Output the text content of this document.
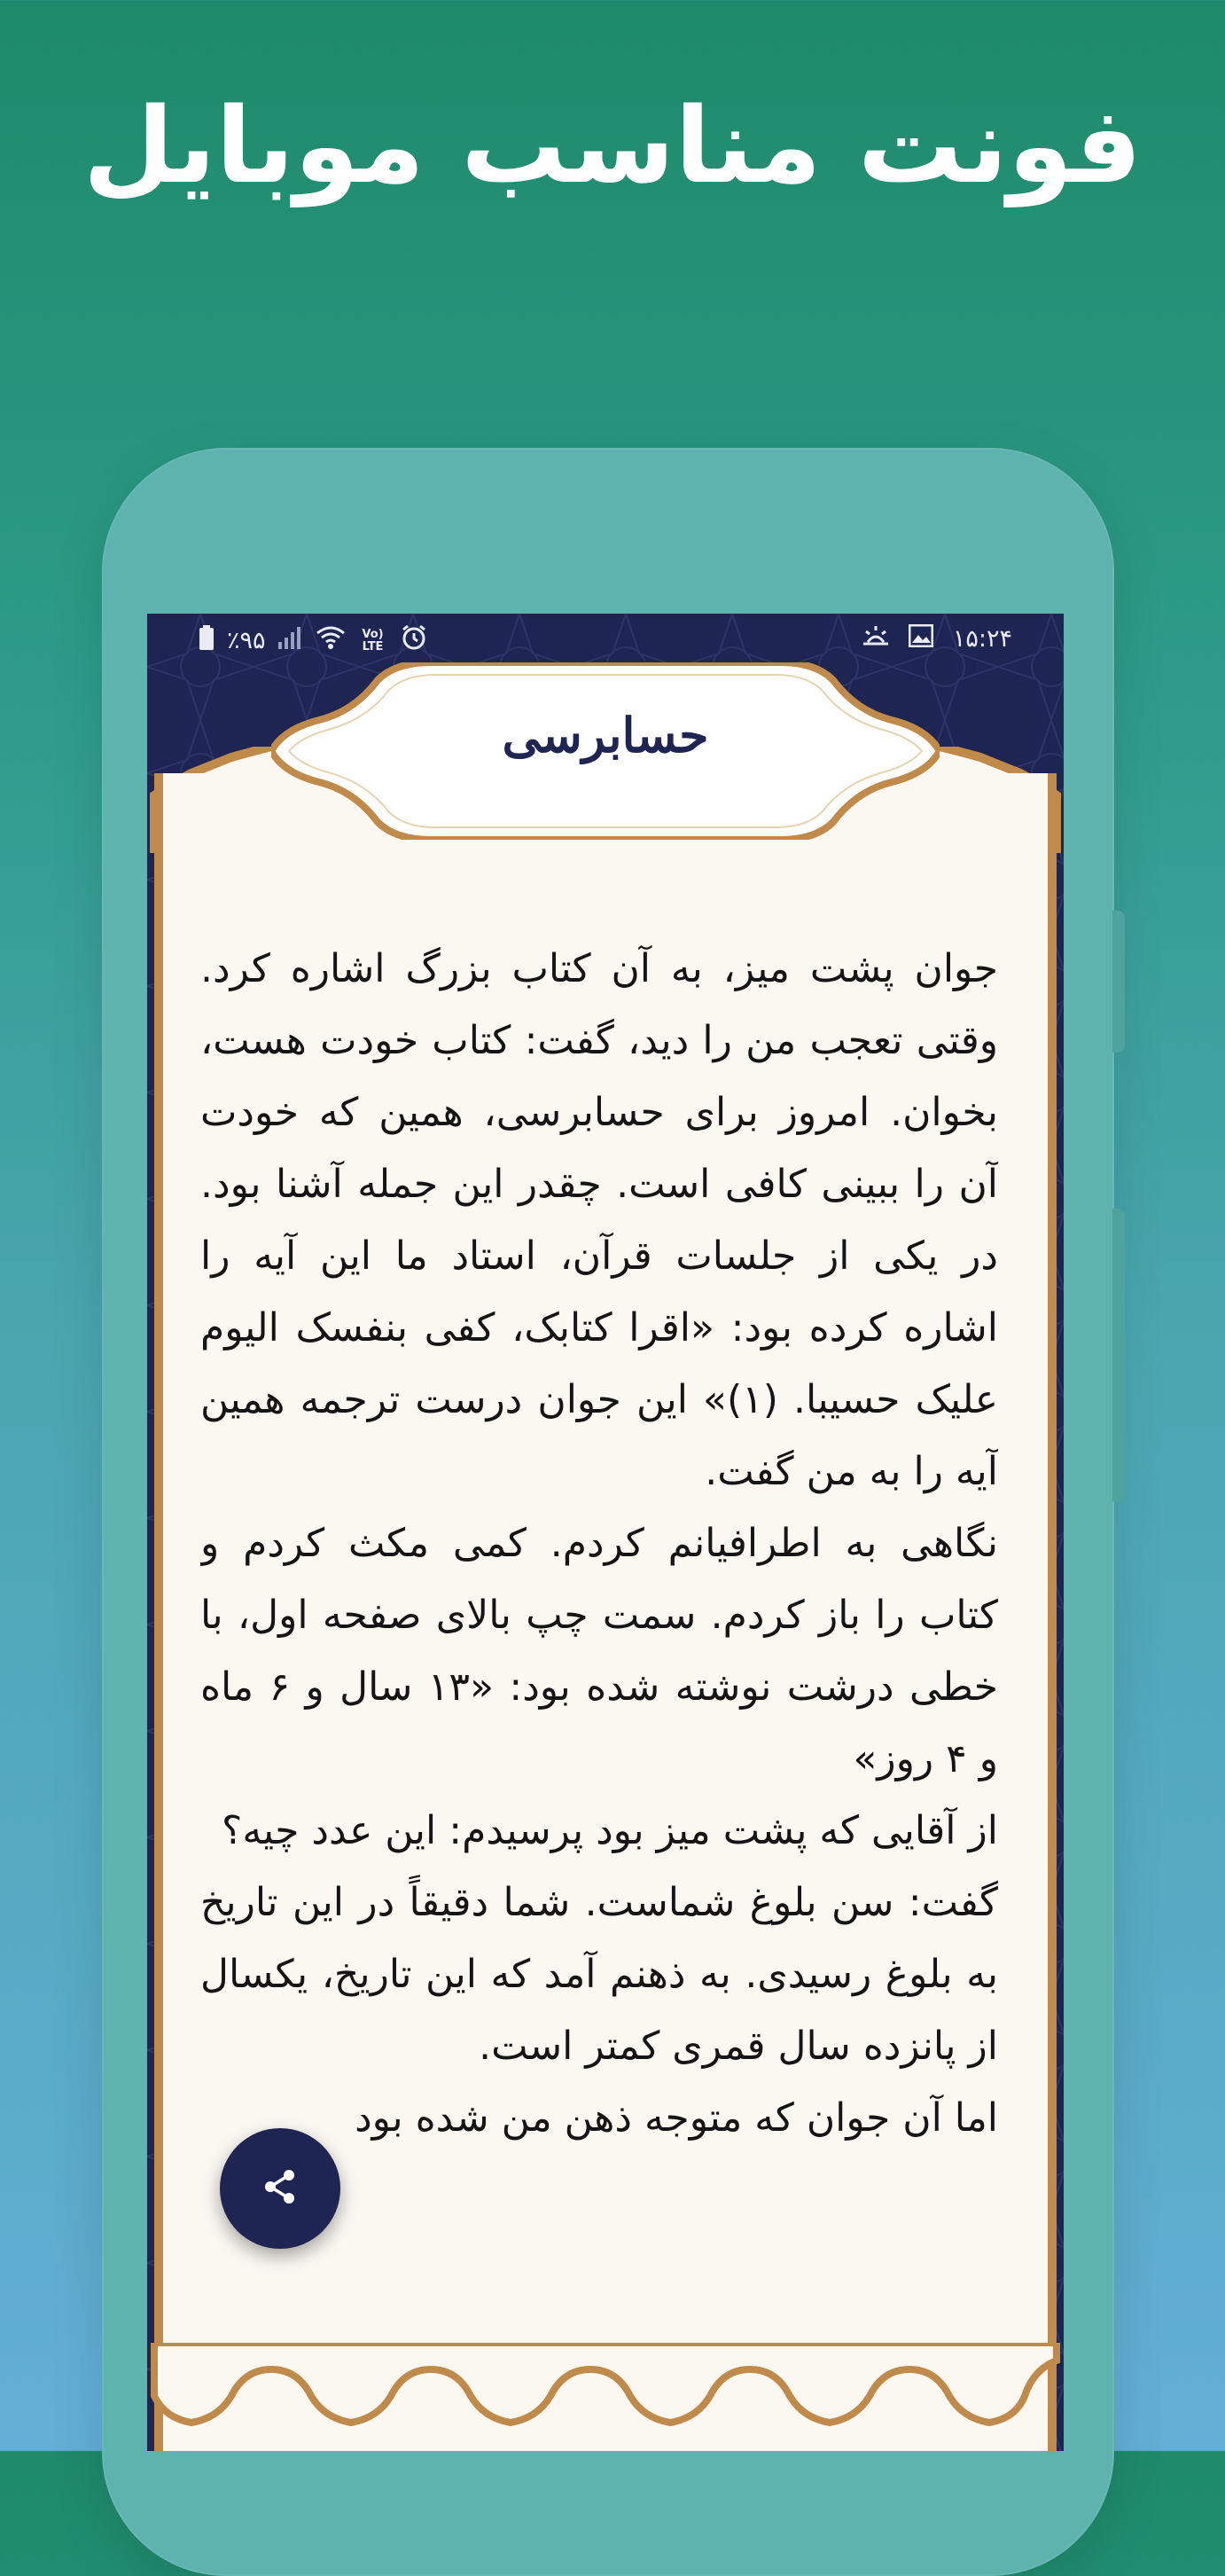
فونت مناسب موبایل
٪۹۵	Vo) LTE	۱۵:۲۴
حسابرسی

جوان پشت میز، به آن کتاب بزرگ اشاره کرد. وقتی تعجب من را دید، گفت: کتاب خودت هست، بخوان. امروز برای حسابرسی، همین که خودت آن را ببینی کافی است. چقدر این جمله آشنا بود. در یکی از جلسات قرآن، استاد ما این آیه را اشاره کرده بود: «اقرا کتابک، کفی بنفسک الیوم علیک حسیبا. (۱)» این جوان درست ترجمه همین آیه را به من گفت.

نگاهی به اطرافیانم کردم. کمی مکث کردم و کتاب را باز کردم. سمت چپ بالای صفحه اول، با خطی درشت نوشته شده بود: «۱۳ سال و ۶ ماه و ۴ روز»

از آقایی که پشت میز بود پرسیدم: این عدد چیه؟

گفت: سن بلوغ شماست. شما دقیقاً در این تاریخ به بلوغ رسیدی. به ذهنم آمد که این تاریخ، یکسال از پانزده سال قمری کمتر است.

اما آن جوان که متوجه ذهن من شده بود
